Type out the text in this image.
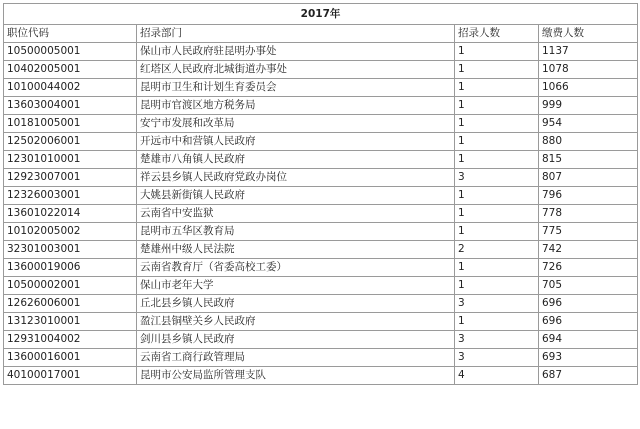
2017年			
职位代码	招录部门	招录人数	缴费人数
10500005001	保山市人民政府驻昆明办事处	1	1137
10402005001	红塔区人民政府北城街道办事处	1	1078
10100044002	昆明市卫生和计划生育委员会	1	1066
13603004001	昆明市官渡区地方税务局	1	999
10181005001	安宁市发展和改革局	1	954
12502006001	开远市中和营镇人民政府	1	880
12301010001	楚雄市八角镇人民政府	1	815
12923007001	祥云县乡镇人民政府党政办岗位	3	807
12326003001	大姚县新街镇人民政府	1	796
13601022014	云南省中安监狱	1	778
10102005002	昆明市五华区教育局	1	775
32301003001	楚雄州中级人民法院	2	742
13600019006	云南省教育厅（省委高校工委）	1	726
10500002001	保山市老年大学	1	705
12626006001	丘北县乡镇人民政府	3	696
13123010001	盈江县铜壁关乡人民政府	1	696
12931004002	剑川县乡镇人民政府	3	694
13600016001	云南省工商行政管理局	3	693
40100017001	昆明市公安局监所管理支队	4	687
